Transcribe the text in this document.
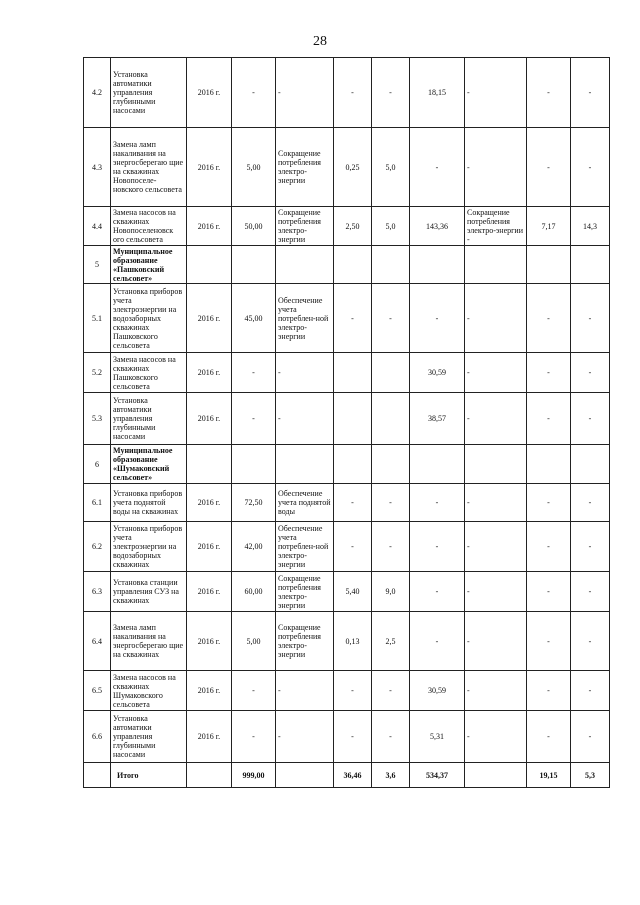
28
4.2	Установка автоматики управления глубинными насосами	2016 г.	-	-	-	-	18,15	-	-	-
4.3	Замена ламп накаливания на энергосберегаю щие на скважинах Новопоселе-новского сельсовета	2016 г.	5,00	Сокращение потребления электро-энергии	0,25	5,0	-	-	-	-
4.4	Замена насосов на скважинах Новопоселеновск ого сельсовета	2016 г.	50,00	Сокращение потребления электро-энергии	2,50	5,0	143,36	Сокращение потребления электро-энергии -	7,17	14,3
5	Муниципальное образование «Пашковский сельсовет»									
5.1	Установка приборов учета электроэнергии на водозаборных скважинах Пашковского сельсовета	2016 г.	45,00	Обеспечение учета потреблен-ной электро-энергии	-	-	-	-	-	-
5.2	Замена насосов на скважинах Пашковского сельсовета	2016 г.	-	-			30,59	-	-	-
5.3	Установка автоматики управления глубинными насосами	2016 г.	-	-			38,57	-	-	-
6	Муниципальное образование «Шумаковский сельсовет»									
6.1	Установка приборов учета поднятой воды на скважинах	2016 г.	72,50	Обеспечение учета поднятой воды	-	-	-	-	-	-
6.2	Установка приборов учета электроэнергии на водозаборных скважинах	2016 г.	42,00	Обеспечение учета потреблен-ной электро-энергии	-	-	-	-	-	-
6.3	Установка станции управления СУЗ на скважинах	2016 г.	60,00	Сокращение потребления электро-энергии	5,40	9,0	-	-	-	-
6.4	Замена ламп накаливания на энергосберегаю щие на скважинах	2016 г.	5,00	Сокращение потребления электро-энергии	0,13	2,5	-	-	-	-
6.5	Замена насосов на скважинах Шумаковского сельсовета	2016 г.	-	-	-	-	30,59	-	-	-
6.6	Установка автоматики управления глубинными насосами	2016 г.	-	-	-	-	5,31	-	-	-
	Итого		999,00		36,46	3,6	534,37		19,15	5,3
